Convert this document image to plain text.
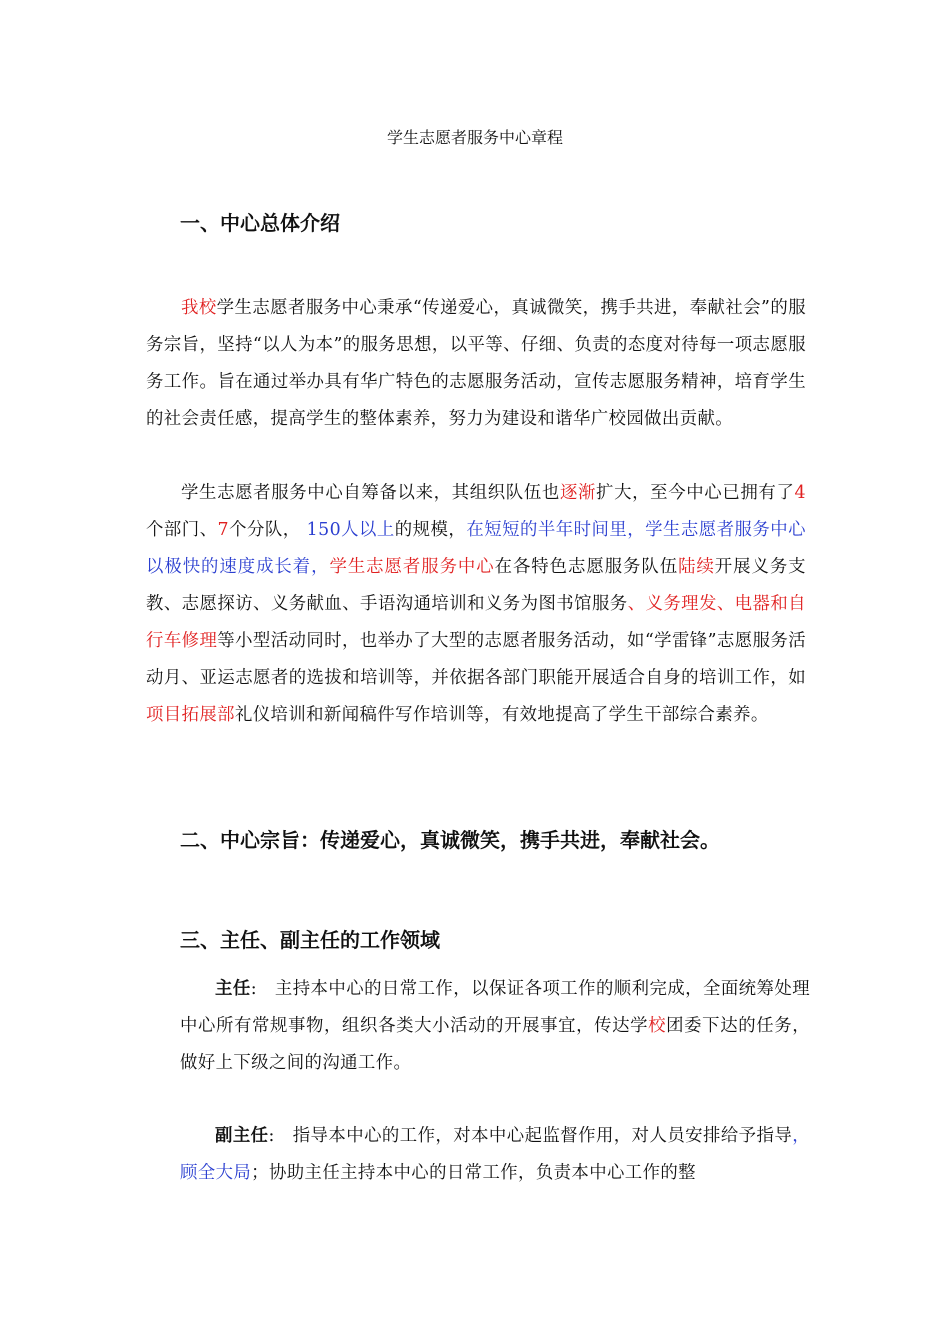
学生志愿者服务中心章程
一、中心总体介绍
我校学生志愿者服务中心秉承“传递爱心，真诚微笑，携手共进，奉献社会”的服务宗旨，坚持“以人为本”的服务思想，以平等、仔细、负责的态度对待每一项志愿服务工作。旨在通过举办具有华广特色的志愿服务活动，宣传志愿服务精神，培育学生的社会责任感，提高学生的整体素养，努力为建设和谐华广校园做出贡献。
学生志愿者服务中心自筹备以来，其组织队伍也逐渐扩大，至今中心已拥有了4个部门、7个分队， 150人以上的规模，在短短的半年时间里，学生志愿者服务中心以极快的速度成长着，学生志愿者服务中心在各特色志愿服务队伍陆续开展义务支教、志愿探访、义务献血、手语沟通培训和义务为图书馆服务、义务理发、电器和自行车修理等小型活动同时，也举办了大型的志愿者服务活动，如“学雷锋”志愿服务活动月、亚运志愿者的选拔和培训等，并依据各部门职能开展适合自身的培训工作，如项目拓展部礼仪培训和新闻稿件写作培训等，有效地提高了学生干部综合素养。
二、中心宗旨：传递爱心，真诚微笑，携手共进，奉献社会。
三、主任、副主任的工作领域
主任:   主持本中心的日常工作，以保证各项工作的顺利完成，全面统筹处理中心所有常规事物，组织各类大小活动的开展事宜，传达学校团委下达的任务，做好上下级之间的沟通工作。
副主任:   指导本中心的工作，对本中心起监督作用，对人员安排给予指导，顾全大局；协助主任主持本中心的日常工作，负责本中心工作的整
